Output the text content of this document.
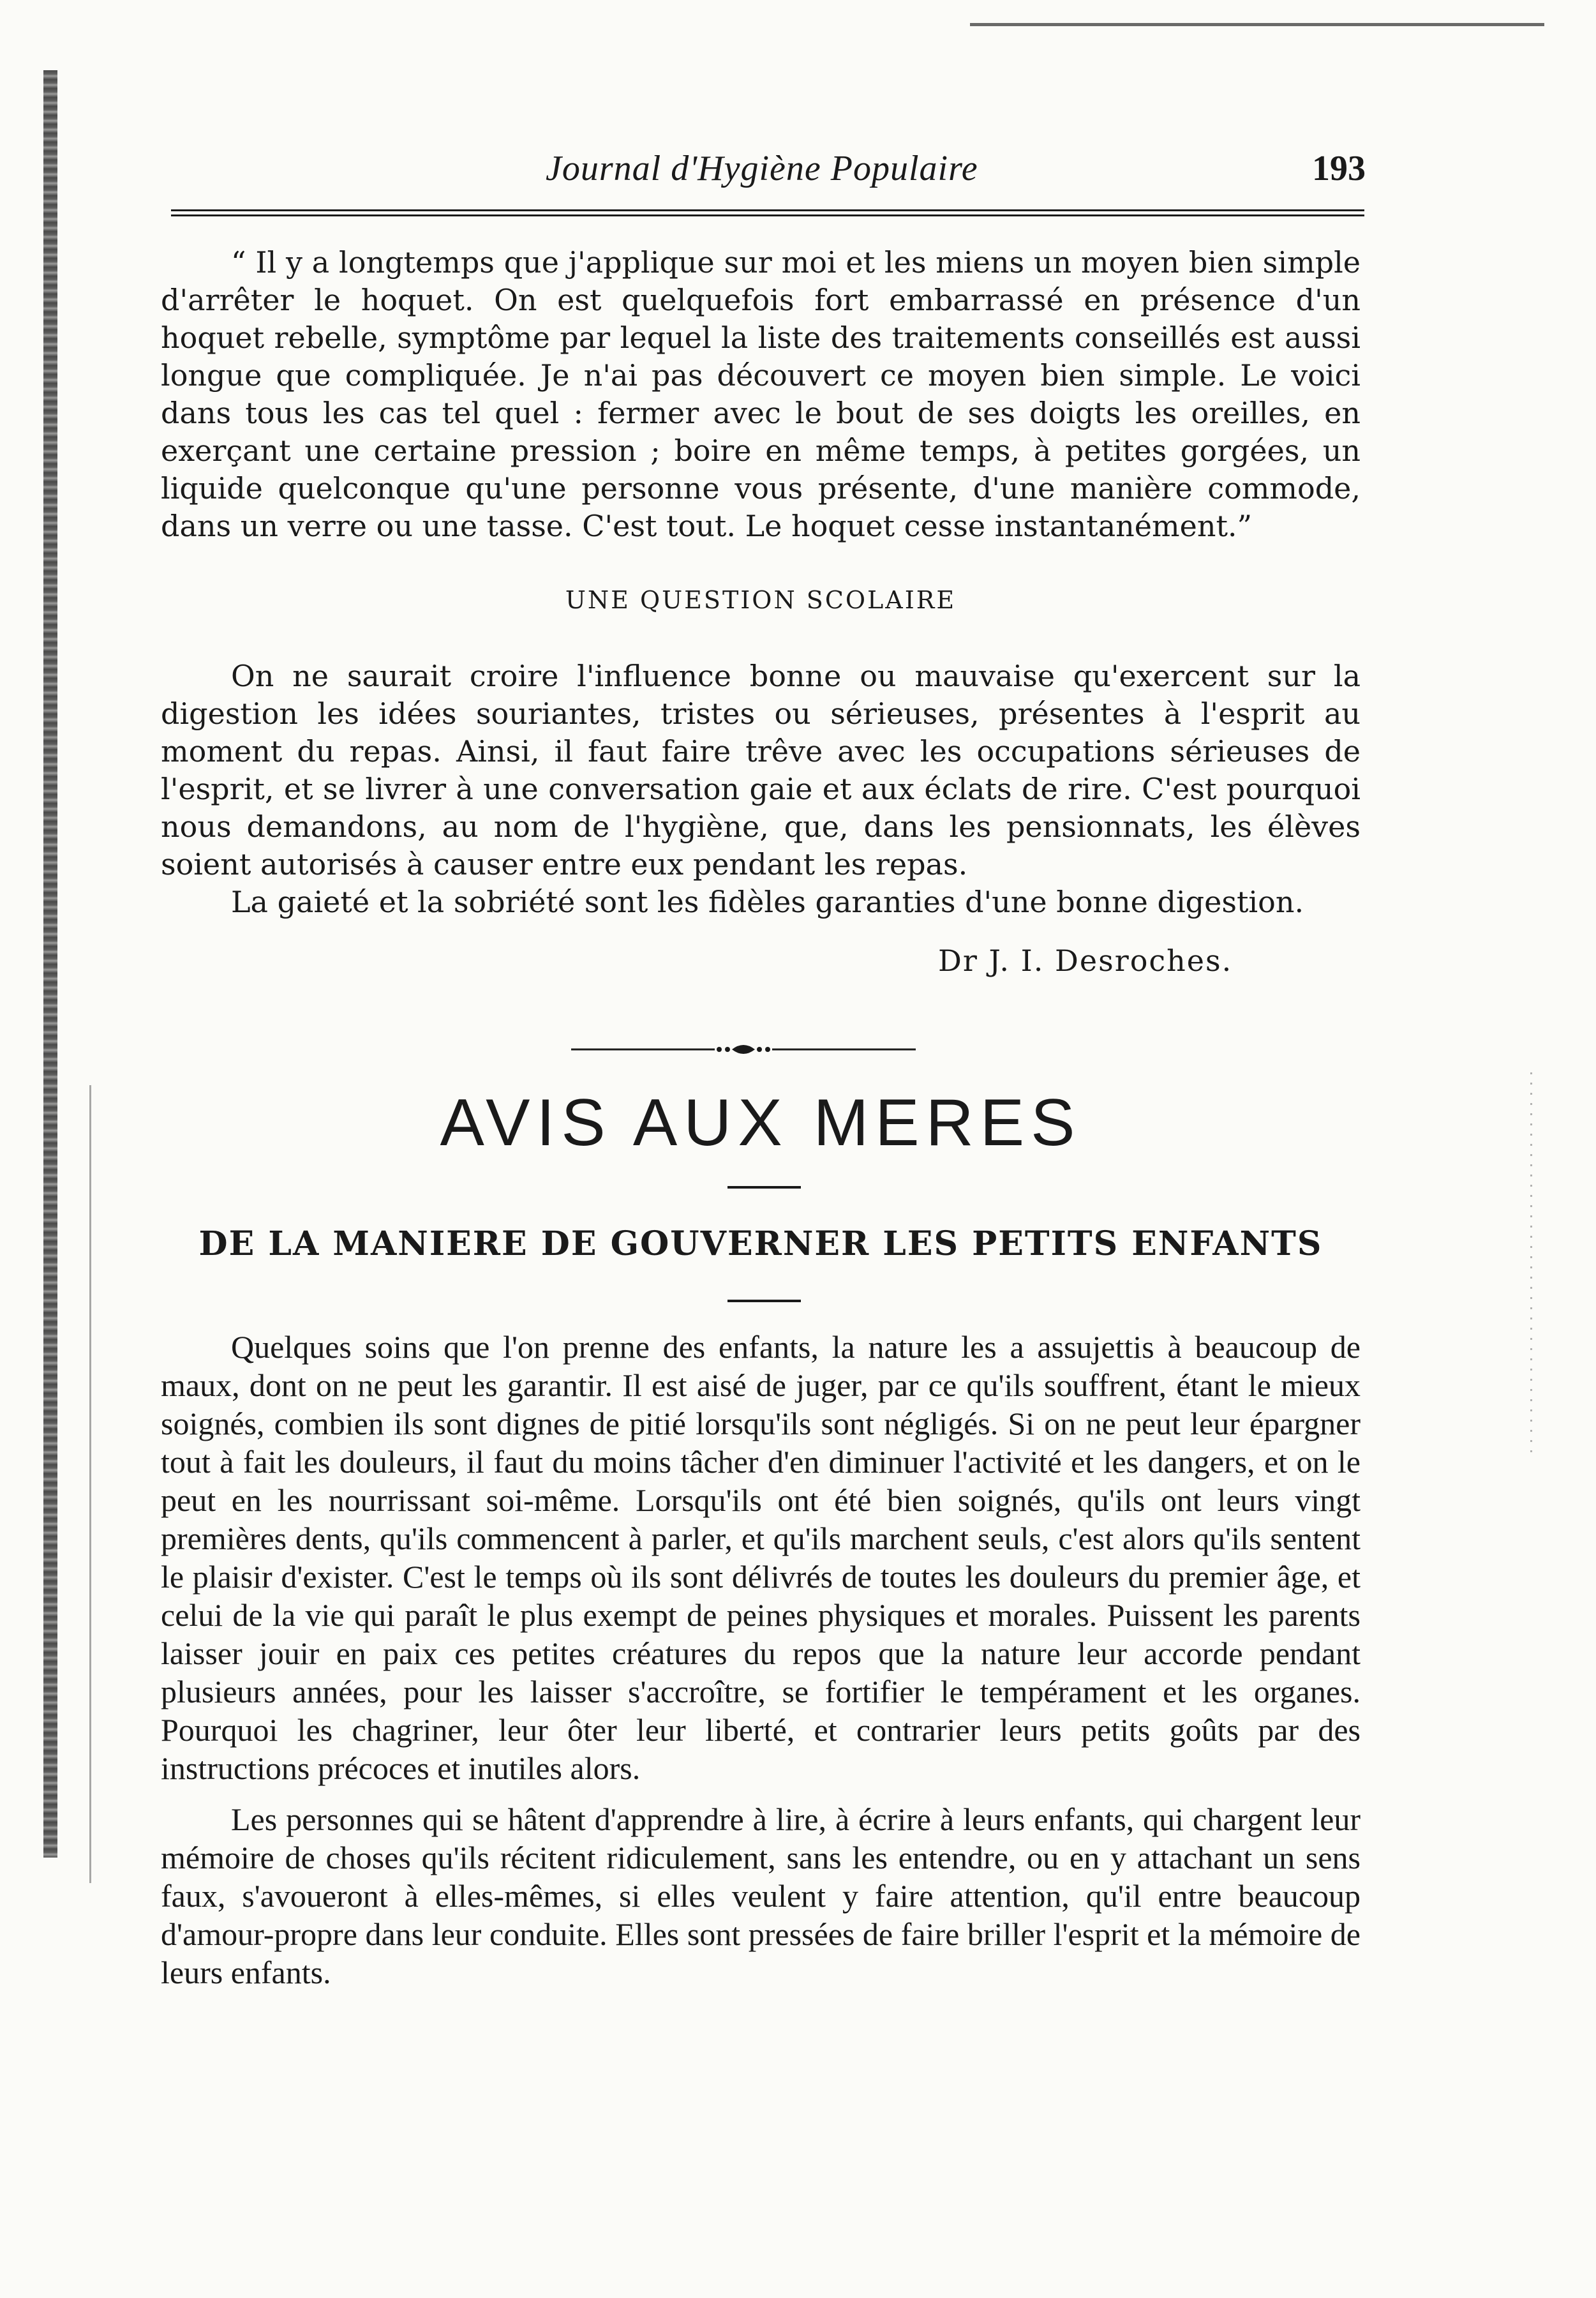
Journal d'Hygiène Populaire	193

“ Il y a longtemps que j'applique sur moi et les miens un moyen bien simple d'arrêter le hoquet. On est quelquefois fort embarrassé en présence d'un hoquet rebelle, symptôme par lequel la liste des traitements conseillés est aussi longue que compliquée. Je n'ai pas découvert ce moyen bien simple. Le voici dans tous les cas tel quel : fermer avec le bout de ses doigts les oreilles, en exerçant une certaine pression ; boire en même temps, à petites gorgées, un liquide quelconque qu'une personne vous présente, d'une manière commode, dans un verre ou une tasse. C'est tout. Le hoquet cesse instantanément.”

UNE QUESTION SCOLAIRE

On ne saurait croire l'influence bonne ou mauvaise qu'exercent sur la digestion les idées souriantes, tristes ou sérieuses, présentes à l'esprit au moment du repas. Ainsi, il faut faire trêve avec les occupations sérieuses de l'esprit, et se livrer à une conversation gaie et aux éclats de rire. C'est pourquoi nous demandons, au nom de l'hygiène, que, dans les pensionnats, les élèves soient autorisés à causer entre eux pendant les repas.

La gaieté et la sobriété sont les fidèles garanties d'une bonne digestion.

Dr J. I. Desroches.
AVIS AUX MERES
DE LA MANIERE DE GOUVERNER LES PETITS ENFANTS

Quelques soins que l'on prenne des enfants, la nature les a assujettis à beaucoup de maux, dont on ne peut les garantir. Il est aisé de juger, par ce qu'ils souffrent, étant le mieux soignés, combien ils sont dignes de pitié lorsqu'ils sont négligés. Si on ne peut leur épargner tout à fait les douleurs, il faut du moins tâcher d'en diminuer l'activité et les dangers, et on le peut en les nourrissant soi-même. Lorsqu'ils ont été bien soignés, qu'ils ont leurs vingt premières dents, qu'ils commencent à parler, et qu'ils marchent seuls, c'est alors qu'ils sentent le plaisir d'exister. C'est le temps où ils sont délivrés de toutes les douleurs du premier âge, et celui de la vie qui paraît le plus exempt de peines physiques et morales. Puissent les parents laisser jouir en paix ces petites créatures du repos que la nature leur accorde pendant plusieurs années, pour les laisser s'accroître, se fortifier le tempérament et les organes. Pourquoi les chagriner, leur ôter leur liberté, et contrarier leurs petits goûts par des instructions précoces et inutiles alors.

Les personnes qui se hâtent d'apprendre à lire, à écrire à leurs enfants, qui chargent leur mémoire de choses qu'ils récitent ridiculement, sans les entendre, ou en y attachant un sens faux, s'avoueront à elles-mêmes, si elles veulent y faire attention, qu'il entre beaucoup d'amour-propre dans leur conduite. Elles sont pressées de faire briller l'esprit et la mémoire de leurs enfants.
